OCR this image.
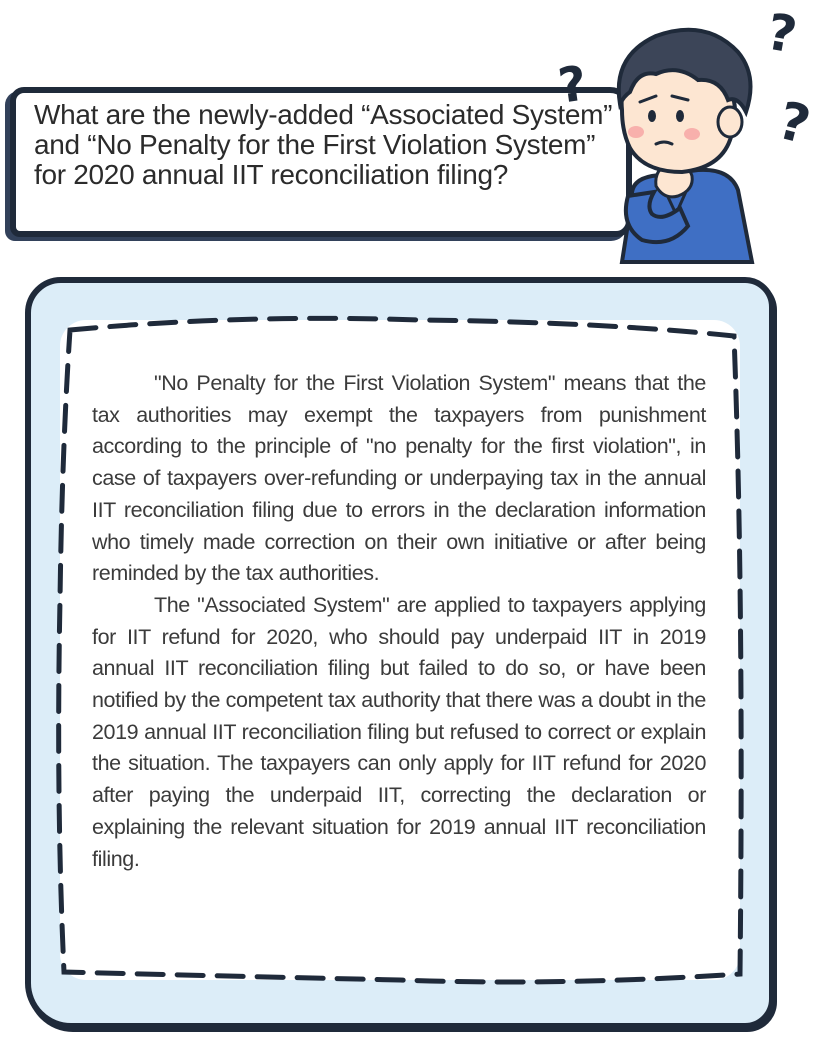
What are the newly-added “Associated System” and “No Penalty for the First Violation System” for 2020 annual IIT reconciliation filing?
?
?
?

"No Penalty for the First Violation System" means that the tax authorities may exempt the taxpayers from punishment according to the principle of "no penalty for the first violation", in case of taxpayers over-refunding or underpaying tax in the annual IIT reconciliation filing due to errors in the declaration information who timely made correction on their own initiative or after being reminded by the tax authorities.

The "Associated System" are applied to taxpayers applying for IIT refund for 2020, who should pay underpaid IIT in 2019 annual IIT reconciliation filing but failed to do so, or have been notified by the competent tax authority that there was a doubt in the 2019 annual IIT reconciliation filing but refused to correct or explain the situation. The taxpayers can only apply for IIT refund for 2020 after paying the underpaid IIT, correcting the declaration or explaining the relevant situation for 2019 annual IIT reconciliation filing.
